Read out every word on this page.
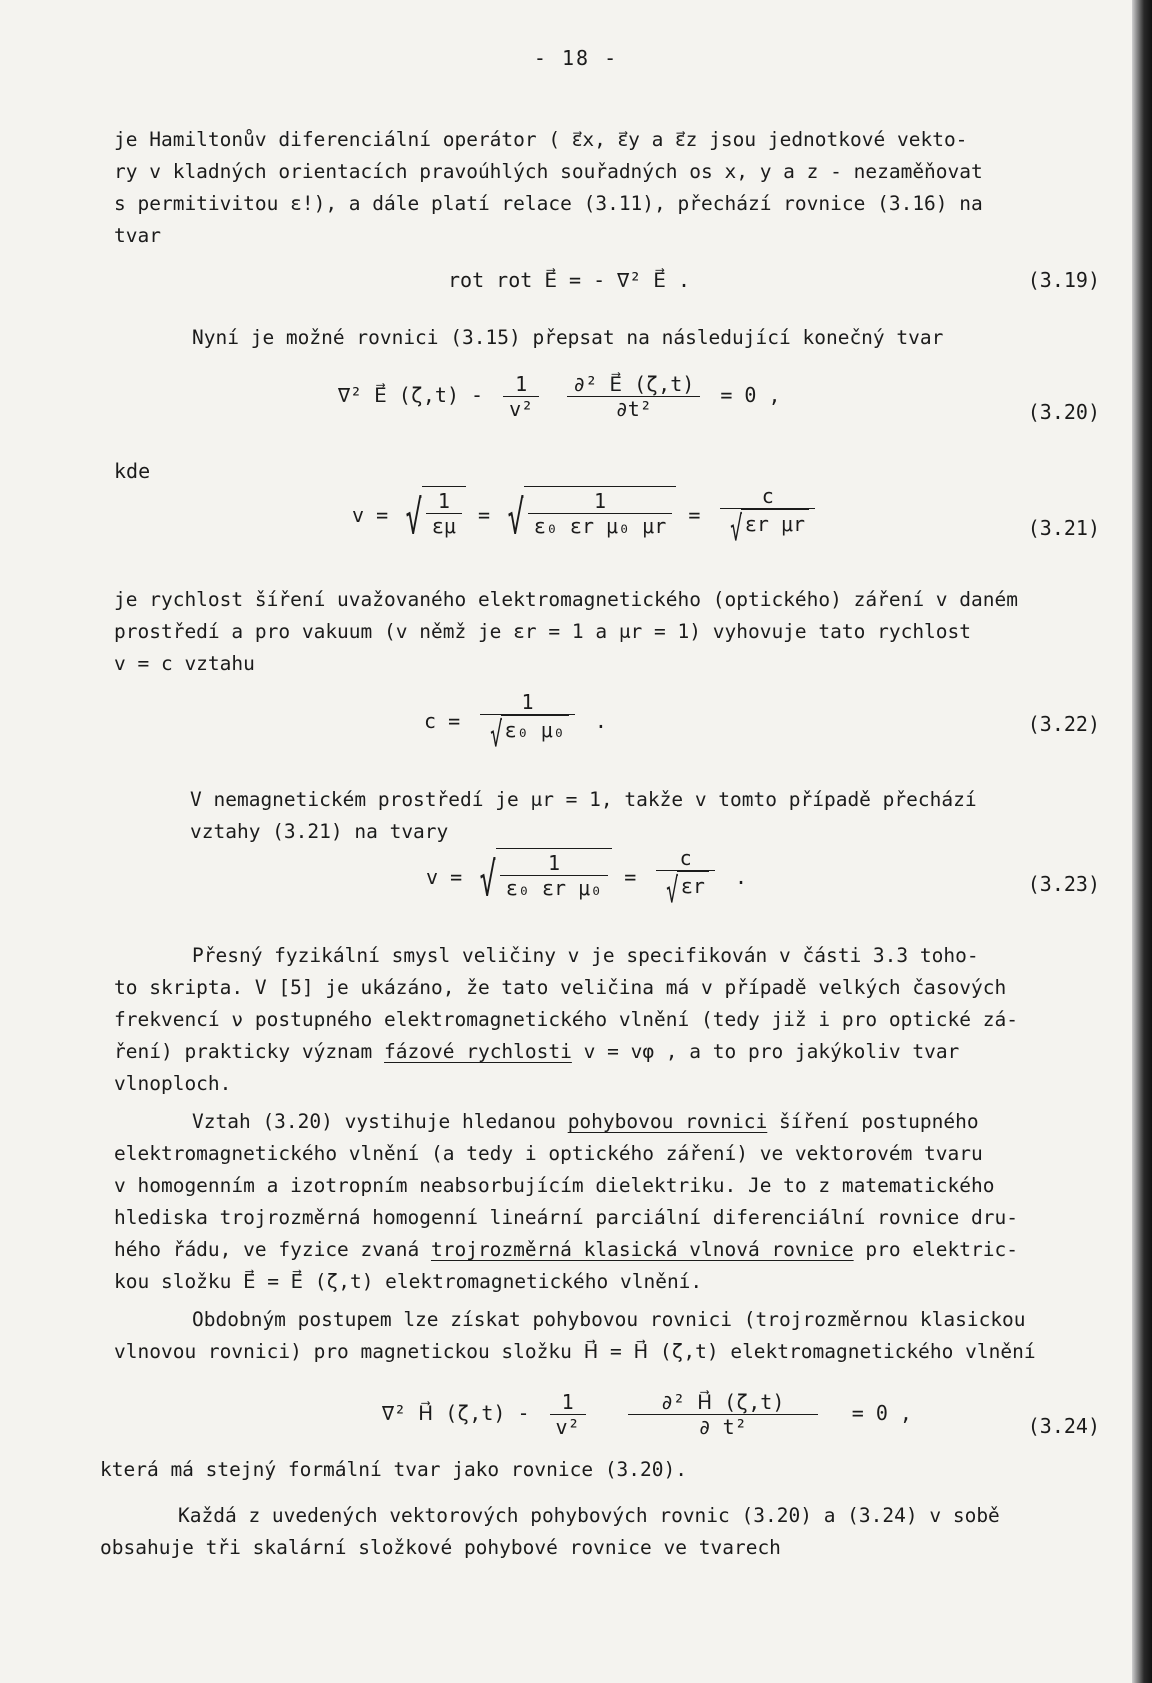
- 18 -
je Hamiltonův diferenciální operátor ( ε⃗x, ε⃗y a ε⃗z jsou jednotkové vekto-
ry v kladných orientacích pravoúhlých souřadných os x, y a z - nezaměňovat
s permitivitou ε!), a dále platí relace (3.11), přechází rovnice (3.16) na
tvar
rot rot E⃗ = - ∇² E⃗ .	(3.19)
Nyní je možné rovnici (3.15) přepsat na následující konečný tvar
∇² E⃗ $(\zeta,t) - \frac{1}{\text{v²}}$
$\frac{\text{∂² E⃗ (ζ,t)}}{\text{∂t²}} = 0$ ,
(3.20)
kde
v = √ $\frac{1}{\varepsilon\mu}$ = √ $\frac{1}{\text{ε₀ εr μ₀ μr}} = \frac{c}{\text{√ εr μr}}$	(3.21)
je rychlost šíření uvažovaného elektromagnetického (optického) záření v daném
prostředí a pro vakuum (v němž je εr = 1 a μr = 1) vyhovuje tato rychlost
v = c vztahu
$c = \frac{1}{\text{√ ε₀ μ₀}}$ .	(3.22)
V nemagnetickém prostředí je μr = 1, takže v tomto případě přechází
vztahy (3.21) na tvary
v = √ $\frac{1}{\text{ε₀ εr μ₀}} = \frac{c}{√ \varepsilon r}$ .	(3.23)
Přesný fyzikální smysl veličiny v je specifikován v části 3.3 toho-
to skripta. V [5] je ukázáno, že tato veličina má v případě velkých časových
frekvencí ν postupného elektromagnetického vlnění (tedy již i pro optické zá-
ření) prakticky význam fázové rychlosti v = vφ , a to pro jakýkoliv tvar
vlnoploch.
Vztah (3.20) vystihuje hledanou pohybovou rovnici šíření postupného
elektromagnetického vlnění (a tedy i optického záření) ve vektorovém tvaru
v homogenním a izotropním neabsorbujícím dielektriku. Je to z matematického
hlediska trojrozměrná homogenní lineární parciální diferenciální rovnice dru-
hého řádu, ve fyzice zvaná trojrozměrná klasická vlnová rovnice pro elektric-
kou složku E⃗ = E⃗ (ζ,t) elektromagnetického vlnění.
Obdobným postupem lze získat pohybovou rovnici (trojrozměrnou klasickou
vlnovou rovnici) pro magnetickou složku H⃗ = H⃗ (ζ,t) elektromagnetického vlnění
∇² H⃗ $(\zeta,t) - \frac{1}{\text{v²}}$
$\frac{\text{∂² H⃗ (ζ,t)}}{\text{∂ t²}} = 0$ ,
(3.24)
která má stejný formální tvar jako rovnice (3.20).
Každá z uvedených vektorových pohybových rovnic (3.20) a (3.24) v sobě
obsahuje tři skalární složkové pohybové rovnice ve tvarech
